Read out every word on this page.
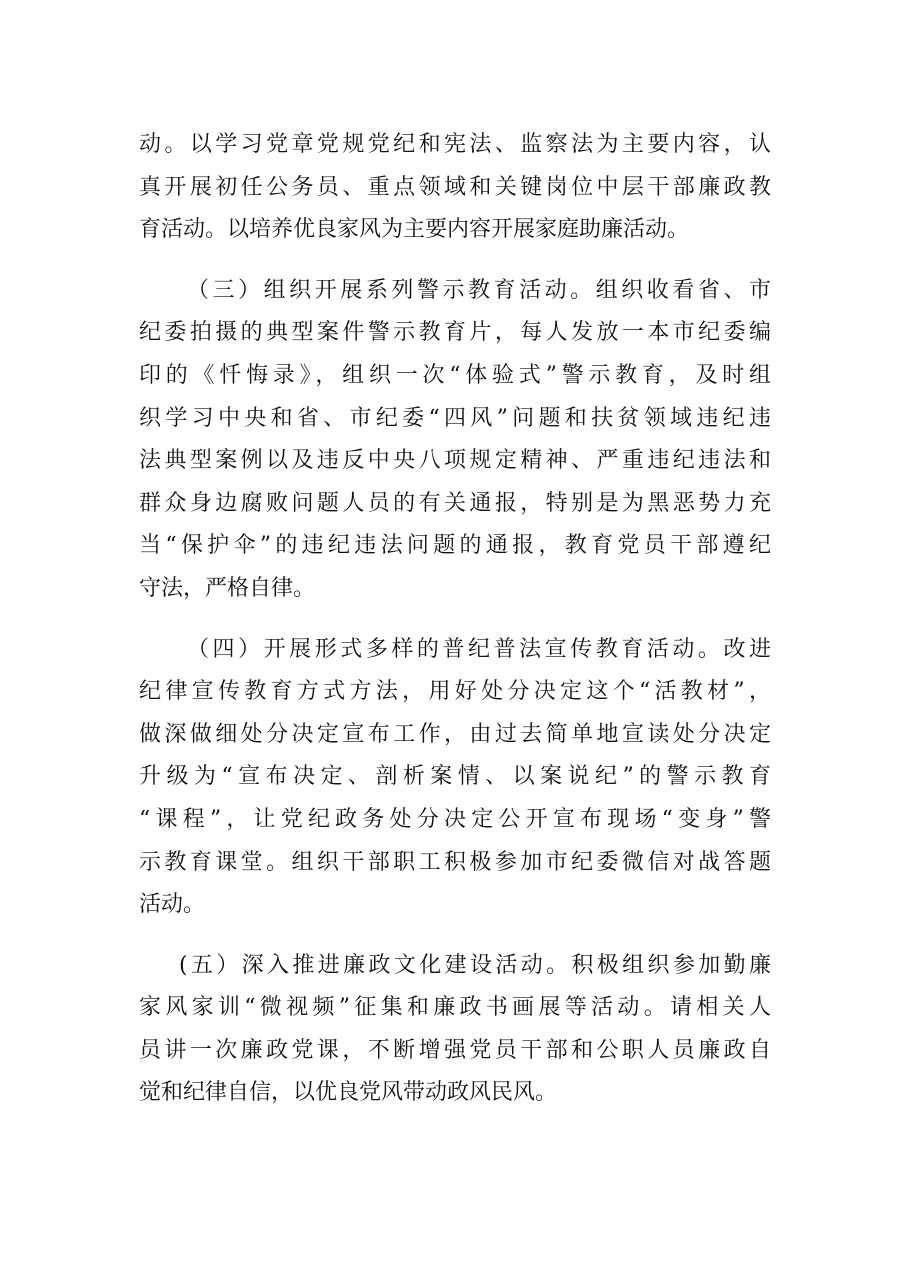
动。以学习党章党规党纪和宪法、监察法为主要内容，认
真开展初任公务员、重点领域和关键岗位中层干部廉政教
育活动。以培养优良家风为主要内容开展家庭助廉活动。
（三）组织开展系列警示教育活动。组织收看省、市
纪委拍摄的典型案件警示教育片，每人发放一本市纪委编
印的《忏悔录》，组织一次“体验式”警示教育，及时组
织学习中央和省、市纪委“四风”问题和扶贫领域违纪违
法典型案例以及违反中央八项规定精神、严重违纪违法和
群众身边腐败问题人员的有关通报，特别是为黑恶势力充
当“保护伞”的违纪违法问题的通报，教育党员干部遵纪
守法，严格自律。
（四）开展形式多样的普纪普法宣传教育活动。改进
纪律宣传教育方式方法，用好处分决定这个“活教材”，
做深做细处分决定宣布工作，由过去简单地宣读处分决定
升级为“宣布决定、剖析案情、以案说纪”的警示教育
“课程”，让党纪政务处分决定公开宣布现场“变身”警
示教育课堂。组织干部职工积极参加市纪委微信对战答题
活动。
(五）深入推进廉政文化建设活动。积极组织参加勤廉
家风家训“微视频”征集和廉政书画展等活动。请相关人
员讲一次廉政党课，不断增强党员干部和公职人员廉政自
觉和纪律自信，以优良党风带动政风民风。
